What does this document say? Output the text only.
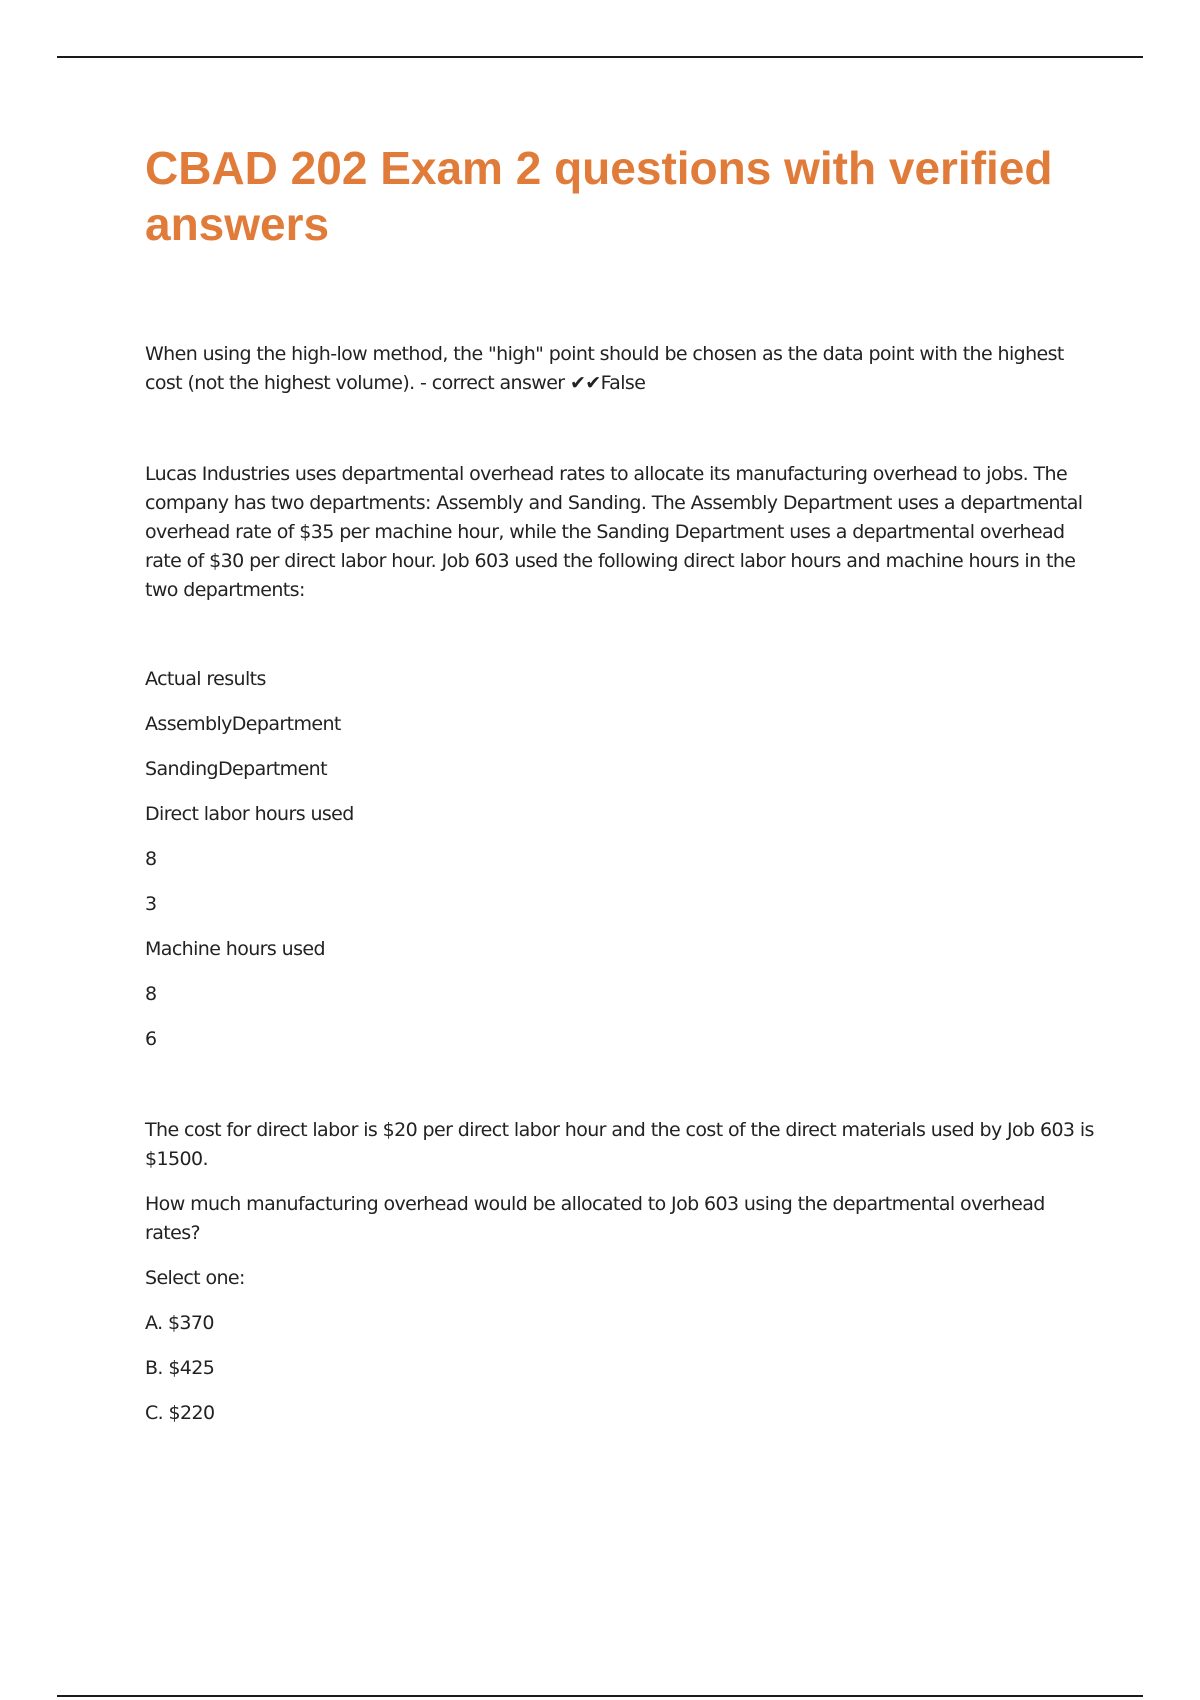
CBAD 202 Exam 2 questions with verified answers

When using the high-low method, the "high" point should be chosen as the data point with the highest cost (not the highest volume). - correct answer ✔✔False

Lucas Industries uses departmental overhead rates to allocate its manufacturing overhead to jobs. The company has two departments: Assembly and Sanding. The Assembly Department uses a departmental overhead rate of $35 per machine hour, while the Sanding Department uses a departmental overhead rate of $30 per direct labor hour. Job 603 used the following direct labor hours and machine hours in the two departments:

Actual results

AssemblyDepartment

SandingDepartment

Direct labor hours used

8

3

Machine hours used

8

6

The cost for direct labor is $20 per direct labor hour and the cost of the direct materials used by Job 603 is $1500.

How much manufacturing overhead would be allocated to Job 603 using the departmental overhead rates?

Select one:

A. $370

B. $425

C. $220
